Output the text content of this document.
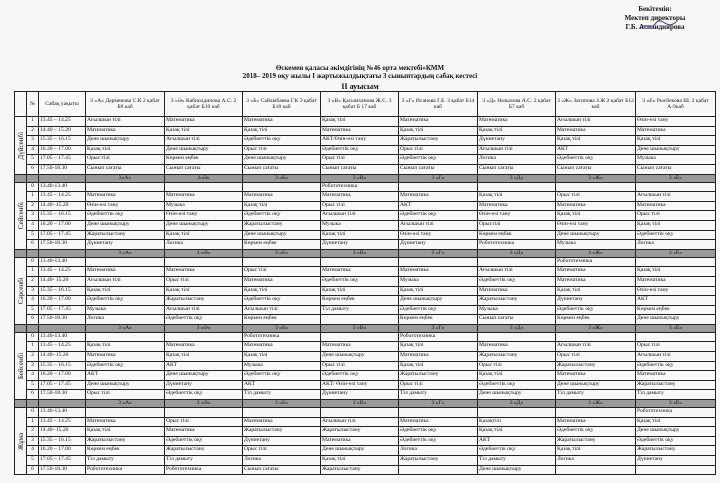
Бекітемін:
Мектеп директоры
Г.Б. Аспандиярова
Өскемен қаласы әкімдігінің №46 орта мектебі»КММ
2018– 2019 оқу жылы І жартыжылдықтағы 3 сыныптардың сабақ кестесі
ІІ ауысым
	№	Сабақ уақыты	3 «А» Дарменова С.К 2 қабат Б8 каб	3 «Ә» Кабиолдинова А.С. 2 қабат Б10 каб	3 «Б» Сайлыбаева Г.К 3 қабат Б18 каб	3 «В» Қасымханова Ж.С. 3 қабат Б 17 каб	3 «Г» Исанова Г.Б. 3 қабат Б14 каб	3 «Д» Назылова А.С. 2 қабат Б7 каб	3 «Ж» Загипова З.Ж 2 қабат Б12 каб	3 «Е» Рысбекова Ш. 2 қабат А-9каб
Дүйсенбі	1	13.45 – 14.25	Ағылшын тілі	Математика	Математика	Қазақ тілі	Математика	Математика	Ағылшын тілі	Өзін-өзі тану
	2	14.40 – 15.20	Математика	Қазақ тілі	Қазақ тілі	Математика	Қазақ тілі	Қазақ тілі	Математика	Математика
	3	15.35 – 16.15	Дене шынықтыру	Ағылшын тілі	Әдебиеттік оқу	АКТ/Өзін-өзі тану	Жаратылыстану	Дүниетану	Қазақ тілі	Қазақ тілі
	4	16.20 – 17.00	Қазақ тілі	Дене шынықтыру	Орыс тілі	Әдебиеттік оқу	Орыс тілі	Ағылшын тілі	АКТ	Дене шынықтыру
	5	17.05 – 17.45	Орыс тілі	Көркем еңбек	Дене шынықтыру	Орыс тілі	Әдебиеттік оқу	Логика	Әдебиеттік оқу	Музыка
	6	17.50-18.30	Сынып сағаты	Сынып сағаты	Сынып сағаты	Сынып сағаты	Сынып сағаты	Сынып сағаты	Сынып сағаты	Сынып сағаты
			3«А»	3«Ә»	3 «Б»	3 «В»	3 «Г»	3 «Д»	3 «Ж»	3 «Е»
Сейсенбі	0	13.40-13.40				Робототехника				
	1	13.45 – 14.25	Математика	Математика	Математика	Математика	Математика	Қазақ тілі	Орыс тілі	Ағылшын тілі
	2	14.40- 15.20	Өзін-өзі тану	Музыка	Қазақ тілі	Орыс тілі	АКТ	Математика	Математика	Математика
	3	15.35 – 16.15	Әдебиеттік оқу	Өзін-өзі тану	Әдебиеттік оқу	Ағылшын тілі	Әдебиеттік оқу	Өзін-өзі тану	Қазақ тілі	Орыс тілі
	4	16.20 – 17.00	Дене шынықтыру	Дене шынықтыру	Жаратылыстану	Музыка	Ағылшын тілі	Орыстілі	Өзін-өзі тану	Қазақ тілі
	5	17.05 – 17.45	Жаратылыстану	Қазақ тілі	Дене шынықтыру	Қазақ тілі	Өзін-өзі тану	Көркем еңбек	Дене шынықтыру	Әдебиеттік оқу
	6	17.50-18.30	Дүниетану	Логика	Көркем еңбек	Дүниетану	Дүниетану	Робототехника	Музыка	Логика
			3 «А»	3 «Ә»	3 «Б»	3 «В»	3 «Г»	3 «Д»	3 «Ж»	3 «Е»
Сәрсенбі	0	13.40-13.40							Робототехника	
	1	13.45 – 14.25	Математика	Математика	Орыс тілі	Математика	Математика	Ағылшын тілі	Математика	Қазақ тілі
	2	14.40- 15.20	Ағылшын тілі	Орыс тілі	Математика	Әдебиеттік оқу	Музыка	Әдебиеттік оқу	Математика	Математика
	3	15.35 – 16.15	Қазақ тілі	Қазақ тілі	Қазақ тілі	Қазақ тілі	Қазақ тілі	Математика	Қазақ тілі	Өзін-өзі тану
	4	16.20 – 17.00	Әдебиеттік оқу	Жаратылыстану	Әдебиеттік оқу	Көркем еңбек	Дене шынықтыру	Жаратылыстану	Дүниетану	АКТ
	5	17.05 – 17.45	Музыка	Ағылшын тілі	Ағылшын тілі	Тіл дамыту	Әдебиеттік оқу	Музыка	Әдебиеттік оқу	Көркем еңбек
	6	17.50-18.30	Логика	Әдебиеттік оқу	Көркем еңбек		Көркем еңбек	Сынып сағаты	Көркем еңбек	Дене шынықтыру
			3 «А»	3 «Ә»	3 «Б»	3 «В»	3 «Г»	3 «Д»	3 «Ж»	3 «Е»
Бейсенбі	0	13.40-13.40			Робототехника		Робототехника			
	1	13.45 – 14.25	Қазақ тілі	Математика	Математика	Математика	Қазақ тілі	Математика	Ағылшын тілі	Орыс тілі
	2	14.40- 15.20	Математика	Қазақ тілі	Қазақ тілі	Дене шынықтыру	Математика	Жаратылыстану	Орыс тілі	Ағылшын тілі
	3	15.35 – 16.15	Әдебиеттік оқу	АКТ	Музыка	Орыс тілі	Қазақ тілі	Орыс тілі	Жаратылыстану	Әдебиеттік оқу
	4	16.20 – 17.00	АКТ	Дене шынықтыру	Әдебиеттік оқу	Әдебиеттік оқу	Жаратылыстану	Қазақ тілі	Математика	Математика
	5	17.05 – 17.45	Дене шынықтыру	Дүниетану	АКТ	АКТ/ Өзін-өзі тану	Орыс тілі	Әдебиеттік оқу	Дене шынықтыру	Жаратылыстану
	6	17.50-18.30	Орыс тілі	Әдебиеттік оқу	Тіл дамыту	Дүниетану	Тіл дамыту	Дене шынықтыру	Тіл дамыту	Тіл дамыту
			3 «А»	3 «Ә»	3 «Б»	3 «В»	3 «Г»	3 «Д»	3 «Ж»	3 «Е»
Жұма	0	13.40-13.40								Робототехника
	1	13.45 – 14.25	Математика	Орыс тілі	Математика	Ағылшын тілі	Математика	Қазақтілі	Математика	Қазақ тілі
	2	14.40- 15.20	Қазақ тілі	Математика	Жаратылыстану	Жаратылыстану	Әдебиеттік оқу	Қазақ тілі	Әдебиеттік оқу	Дене шынықтыру
	3	15.35 – 16.15	Жаратылыстану	Әдебиеттік оқу	Дүниетану	Математика	Әдебиеттік оқу	АКТ	Жаратылыстану	Әдебиеттік оқу
	4	16.20 – 17.00	Көркем еңбек	Жаратылыстану	Орыс тілі	Дене шынықтыру	Логика	Әдебиеттік оқу	Қазақ тілі	Жаратылыстану
	5	17.05 – 17.45	Тіл дамыту	Тіл дамыту	Логика	Қазақ тілі	Жаратылыстану	Тіл дамыту	Логика	Дүниетану
	6	17.50-18.30	Робототехника	Робототехника	Сынып сағаты	Жаратылыстану		Дене шынықтыру		
